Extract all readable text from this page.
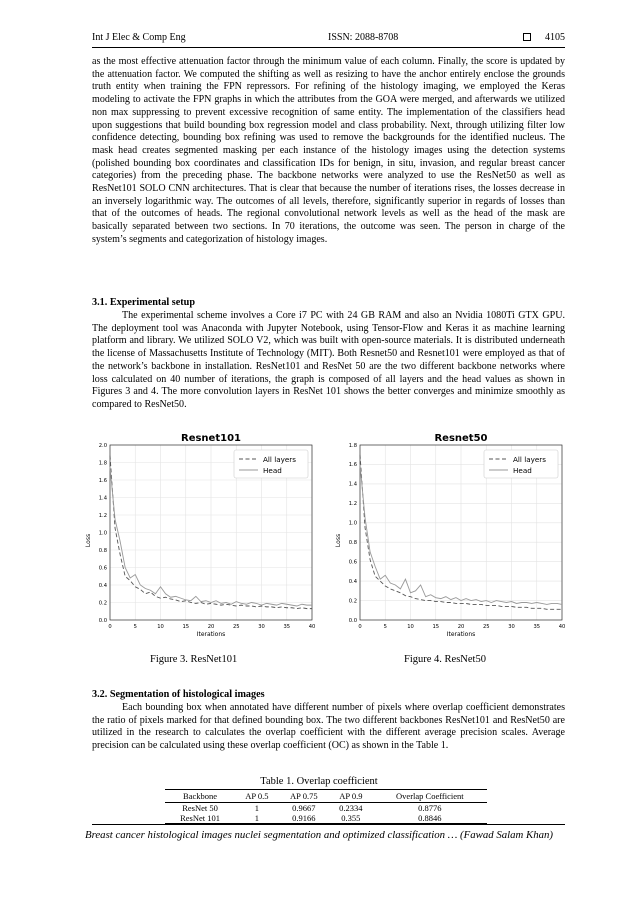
Int J Elec & Comp Eng	ISSN: 2088-8708	4105

as the most effective attenuation factor through the minimum value of each column. Finally, the score is updated by the attenuation factor. We computed the shifting as well as resizing to have the anchor entirely enclose the grounds truth entity when training the FPN repressors. For refining of the histology imaging, we employed the Keras modeling to activate the FPN graphs in which the attributes from the GOA were merged, and afterwards we utilized non max suppressing to prevent excessive recognition of same entity. The implementation of the classifiers head upon suggestions that build bounding box regression model and class probability. Next, through utilizing filter low confidence detecting, bounding box refining was used to remove the backgrounds for the identified nucleus. The mask head creates segmented masking per each instance of the histology images using the detection systems (polished bounding box coordinates and classification IDs for benign, in situ, invasion, and regular breast cancer categories) from the preceding phase. The backbone networks were analyzed to use the ResNet50 as well as ResNet101 SOLO CNN architectures. That is clear that because the number of iterations rises, the losses decrease in an inversely logarithmic way. The outcomes of all levels, therefore, significantly superior in regards of losses than that of the outcomes of heads. The regional convolutional network levels as well as the head of the mask are basically separated between two sections. In 70 iterations, the outcome was seen. The person in charge of the system’s segments and categorization of histology images.

3.1. Experimental setup

The experimental scheme involves a Core i7 PC with 24 GB RAM and also an Nvidia 1080Ti GTX GPU. The deployment tool was Anaconda with Jupyter Notebook, using Tensor-Flow and Keras it as machine learning platform and library. We utilized SOLO V2, which was built with open-source materials. It is distributed underneath the license of Massachusetts Institute of Technology (MIT). Both Resnet50 and Resnet101 were employed as that of the network’s backbone in installation. ResNet101 and ResNet 50 are the two different backbone networks where loss calculated on 40 number of iterations, the graph is composed of all layers and the head values as shown in Figures 3 and 4. The more convolution layers in ResNet 101 shows the better converges and minimize smoothly as compared to ResNet50.

Resnet101
0	5	10	15	20	25	30	35	40
0.0
0.2
0.4
0.6
0.8
1.0
1.2
1.4
1.6
1.8
2.0
Iterations
Loss
All layers
Head
Resnet50
0	5	10	15	20	25	30	35	40
0.0
0.2
0.4
0.6
0.8
1.0
1.2
1.4
1.6
1.8
Iterations
Loss
All layers
Head
Figure 3. ResNet101	Figure 4. ResNet50
3.2. Segmentation of histological images

Each bounding box when annotated have different number of pixels where overlap coefficient demonstrates the ratio of pixels marked for that defined bounding box. The two different backbones ResNet101 and ResNet50 are utilized in the research to calculates the overlap coefficient with the different average precision scales. Average precision can be calculated using these overlap coefficient (OC) as shown in the Table 1.

Table 1. Overlap coefficient
Backbone	AP 0.5	AP 0.75	AP 0.9	Overlap Coefficient
ResNet 50	1	0.9667	0.2334	0.8776
ResNet 101	1	0.9166	0.355	0.8846
Breast cancer histological images nuclei segmentation and optimized classification … (Fawad Salam Khan)
